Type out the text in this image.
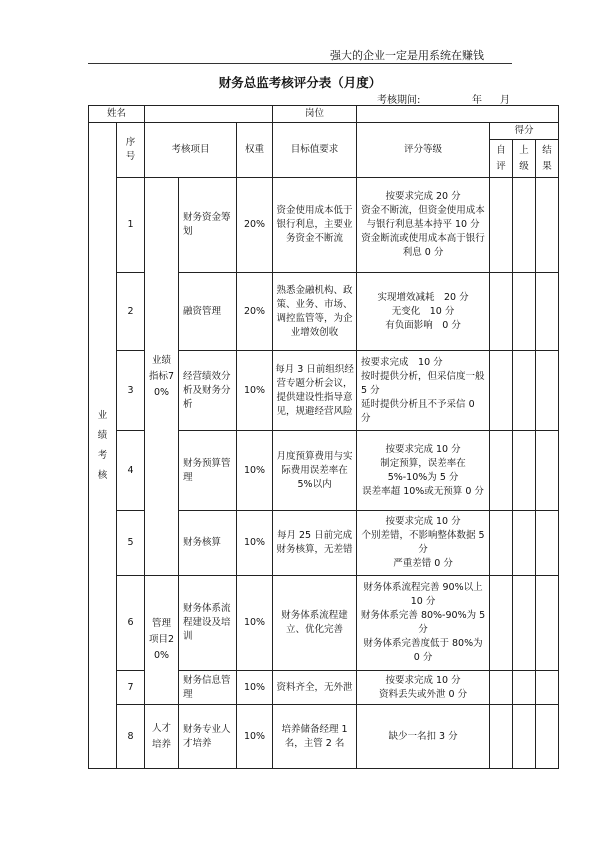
强大的企业一定是用系统在赚钱
财务总监考核评分表（月度）
考核期间:	年 月
姓名					岗位				

业绩考核	序号	考核项目		权重	目标值要求	评分等级	得分		

							自评	上级	结果

	1	业绩指标70%	财务资金筹划	20%	资金使用成本低于银行利息，主要业务资金不断流	按要求完成 20 分
资金不断流，但资金使用成本与银行利息基本持平 10 分
资金断流或使用成本高于银行利息 0 分			
	2		融资管理	20%	熟悉金融机构、政策、业务、市场、调控监管等，为企业增效创收	实现增效减耗　20 分
无变化　10 分
有负面影响　0 分			
	3		经营绩效分析及财务分析	10%	每月 3 日前组织经营专题分析会议，提供建设性指导意见，规避经营风险	按要求完成　10 分
按时提供分析，但采信度一般　　5 分
延时提供分析且不予采信 0 分			
	4		财务预算管理	10%	月度预算费用与实际费用误差率在 5%以内	按要求完成 10 分
制定预算，误差率在 5%-10%为 5 分
误差率超 10%或无预算 0 分			
	5		财务核算	10%	每月 25 日前完成财务核算，无差错	按要求完成 10 分
个别差错，不影响整体数据 5 分
严重差错 0 分			
	6	管理项目20%	财务体系流程建设及培训	10%	财务体系流程建立、优化完善	财务体系流程完善 90%以上 10 分
财务体系完善 80%-90%为 5 分
财务体系完善度低于 80%为 0 分			
	7		财务信息管理	10%	资料齐全，无外泄	按要求完成 10 分
资料丢失或外泄 0 分			
	8	人才培养	财务专业人才培养	10%	培养储备经理 1 名，主管 2 名	缺少一名扣 3 分			
